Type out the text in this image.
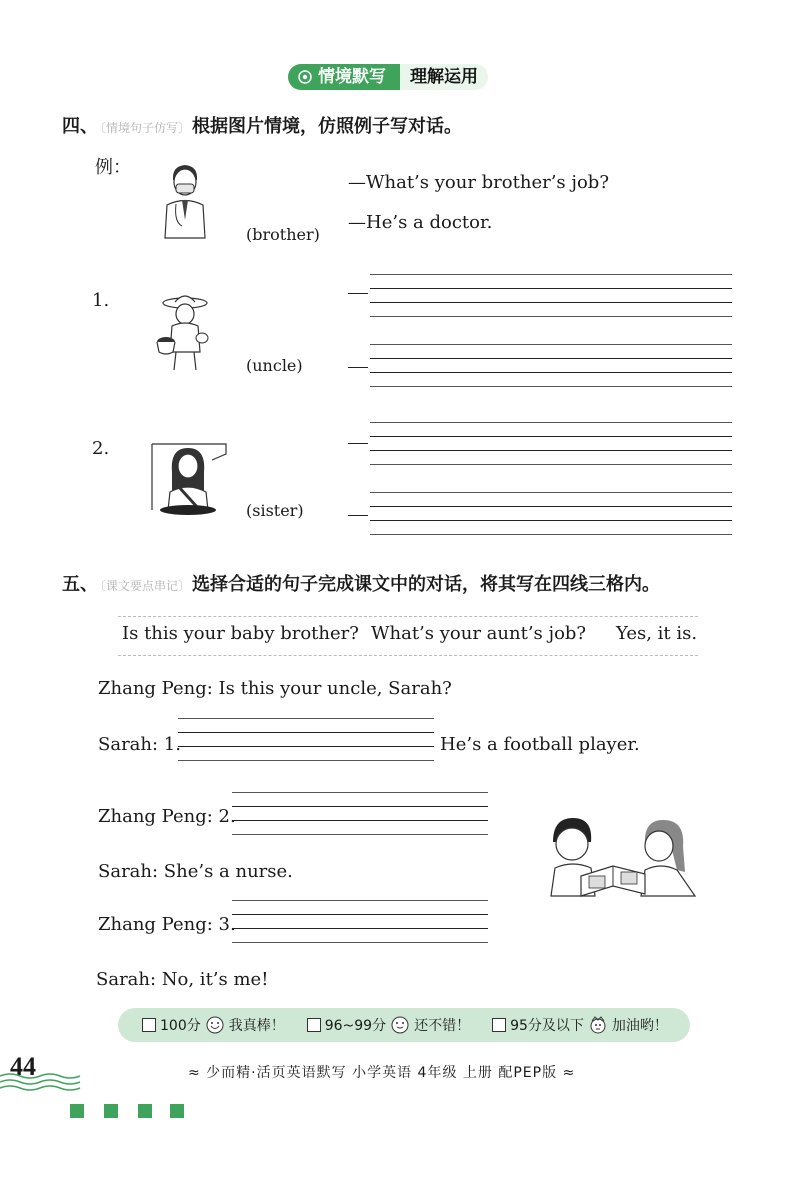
情境默写	理解运用
四、 〔情境句子仿写〕 根据图片情境，仿照例子写对话。
例：
(brother)
—What’s your brother’s job?
—He’s a doctor.
1.
(uncle)
2.
(sister)
五、 〔课文要点串记〕 选择合适的句子完成课文中的对话，将其写在四线三格内。
Is this your baby brother? What’s your aunt’s job? Yes, it is.
Zhang Peng: Is this your uncle, Sarah?
Sarah: 1.	He’s a football player.
Zhang Peng: 2.
Sarah: She’s a nurse.
Zhang Peng: 3.
Sarah: No, it’s me!
100分 我真棒！	96~99分 还不错！	95分及以下 加油哟！
44	≈ 少而精·活页英语默写 小学英语 4年级 上册 配PEP版 ≈
